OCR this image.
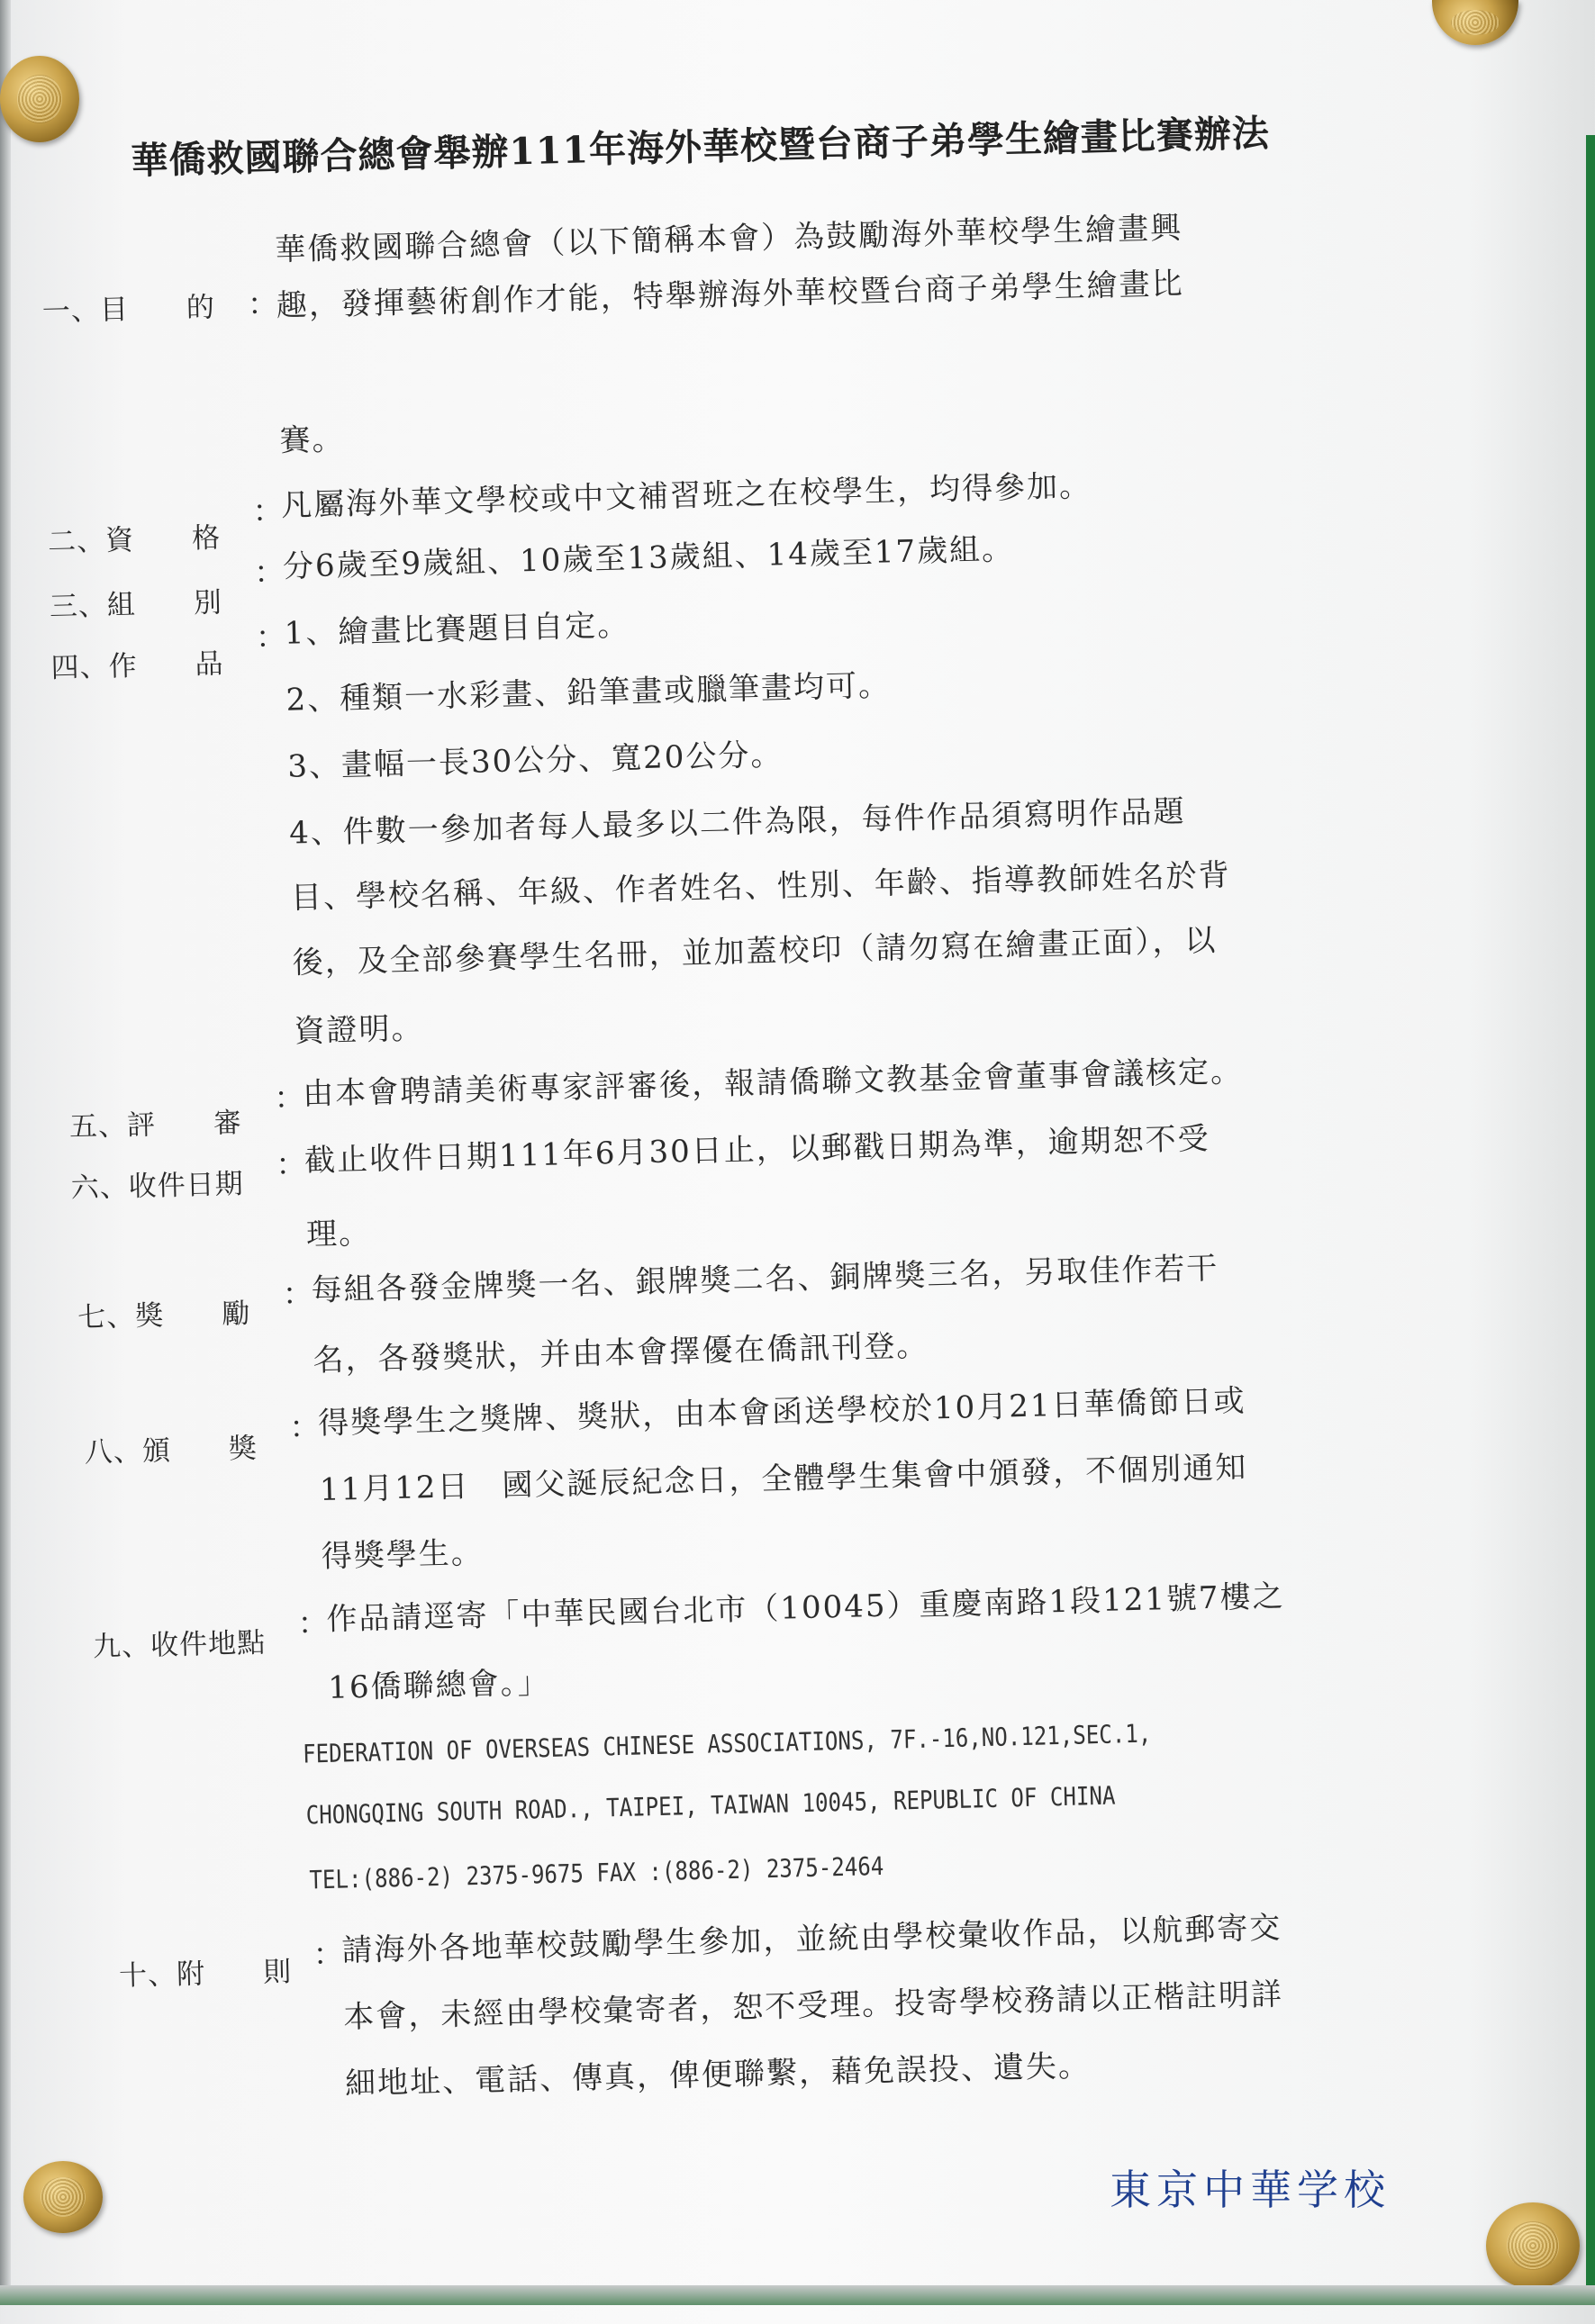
華僑救國聯合總會舉辦111年海外華校暨台商子弟學生繪畫比賽辦法
一、目　　的 ：
華僑救國聯合總會（以下簡稱本會）為鼓勵海外華校學生繪畫興
趣，發揮藝術創作才能，特舉辦海外華校暨台商子弟學生繪畫比
賽。
二、資　　格
：
凡屬海外華文學校或中文補習班之在校學生，均得參加。
三、組　　別
：
分6歲至9歲組、10歲至13歲組、14歲至17歲組。
四、作　　品
：
1、繪畫比賽題目自定。
2、種類一水彩畫、鉛筆畫或臘筆畫均可。
3、畫幅一長30公分、寬20公分。
4、件數一參加者每人最多以二件為限，每件作品須寫明作品題
目、學校名稱、年級、作者姓名、性別、年齡、指導教師姓名於背
後，及全部參賽學生名冊，並加蓋校印（請勿寫在繪畫正面），以
資證明。
五、評　　審
：
由本會聘請美術專家評審後，報請僑聯文教基金會董事會議核定。
六、收件日期
：
截止收件日期111年6月30日止，以郵戳日期為準，逾期恕不受
理。
七、獎　　勵
：
每組各發金牌獎一名、銀牌獎二名、銅牌獎三名，另取佳作若干
名，各發獎狀，并由本會擇優在僑訊刊登。
八、頒　　獎
：
得獎學生之獎牌、獎狀，由本會函送學校於10月21日華僑節日或
11月12日　國父誕辰紀念日，全體學生集會中頒發，不個別通知
得獎學生。
九、收件地點
：
作品請逕寄「中華民國台北市（10045）重慶南路1段121號7樓之
16僑聯總會。」
FEDERATION OF OVERSEAS CHINESE ASSOCIATIONS, 7F.-16,NO.121,SEC.1,
CHONGQING SOUTH ROAD., TAIPEI, TAIWAN 10045, REPUBLIC OF CHINA
TEL:(886-2) 2375-9675 FAX :(886-2) 2375-2464
十、附　　則
：
請海外各地華校鼓勵學生參加，並統由學校彙收作品，以航郵寄交
本會，未經由學校彙寄者，恕不受理。投寄學校務請以正楷註明詳
細地址、電話、傳真，俾便聯繫，藉免誤投、遺失。
東京中華学校
